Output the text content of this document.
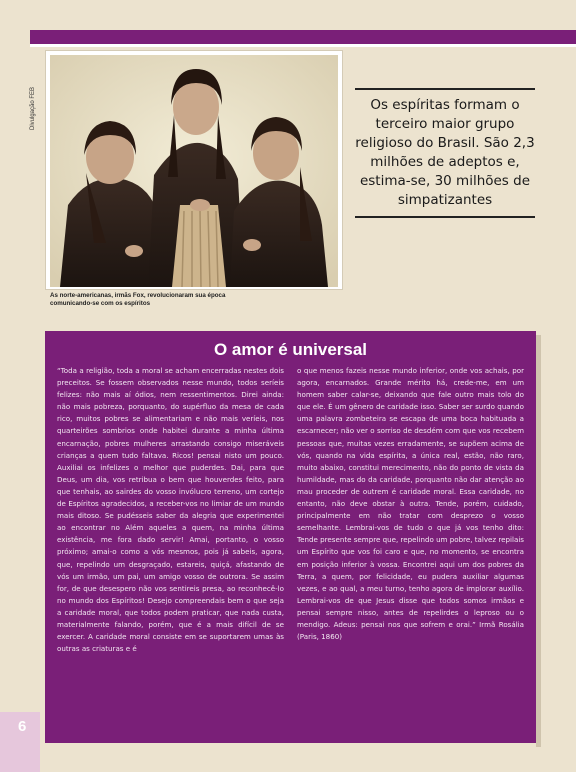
Divulgação FEB
As norte-americanas, irmãs Fox, revolucionaram sua época comunicando-se com os espíritos
Os espíritas formam o terceiro maior grupo religioso do Brasil. São 2,3 milhões de adeptos e, estima-se, 30 milhões de simpatizantes
O amor é universal
“Toda a religião, toda a moral se acham encerradas nestes dois preceitos. Se fossem observados nesse mundo, todos seríeis felizes: não mais aí ódios, nem ressentimentos. Direi ainda: não mais pobreza, porquanto, do supérfluo da mesa de cada rico, muitos pobres se alimentariam e não mais veríeis, nos quarteirões sombrios onde habitei durante a minha última encarnação, pobres mulheres arrastando consigo miseráveis crianças a quem tudo faltava. Ricos! pensai nisto um pouco. Auxiliai os infelizes o melhor que puderdes. Dai, para que Deus, um dia, vos retribua o bem que houverdes feito, para que tenhais, ao sairdes do vosso invólucro terreno, um cortejo de Espíritos agradecidos, a receber-vos no limiar de um mundo mais ditoso. Se pudésseis saber da alegria que experimentei ao encontrar no Além aqueles a quem, na minha última existência, me fora dado servir! Amai, portanto, o vosso próximo; amai-o como a vós mesmos, pois já sabeis, agora, que, repelindo um desgraçado, estareis, quiçá, afastando de vós um irmão, um pai, um amigo vosso de outrora. Se assim for, de que desespero não vos sentireis presa, ao reconhecê-lo no mundo dos Espíritos! Desejo compreendais bem o que seja a caridade moral, que todos podem praticar, que nada custa, materialmente falando, porém, que é a mais difícil de se exercer. A caridade moral consiste em se suportarem umas às outras as criaturas e é
o que menos fazeis nesse mundo inferior, onde vos achais, por agora, encarnados. Grande mérito há, crede-me, em um homem saber calar-se, deixando que fale outro mais tolo do que ele. É um gênero de caridade isso. Saber ser surdo quando uma palavra zombeteira se escapa de uma boca habituada a escarnecer; não ver o sorriso de desdém com que vos recebem pessoas que, muitas vezes erradamente, se supõem acima de vós, quando na vida espírita, a única real, estão, não raro, muito abaixo, constitui merecimento, não do ponto de vista da humildade, mas do da caridade, porquanto não dar atenção ao mau proceder de outrem é caridade moral. Essa caridade, no entanto, não deve obstar à outra. Tende, porém, cuidado, principalmente em não tratar com desprezo o vosso semelhante. Lembrai-vos de tudo o que já vos tenho dito: Tende presente sempre que, repelindo um pobre, talvez repilais um Espírito que vos foi caro e que, no momento, se encontra em posição inferior à vossa. Encontrei aqui um dos pobres da Terra, a quem, por felicidade, eu pudera auxiliar algumas vezes, e ao qual, a meu turno, tenho agora de implorar auxílio. Lembrai-vos de que Jesus disse que todos somos irmãos e pensai sempre nisso, antes de repelirdes o leproso ou o mendigo. Adeus: pensai nos que sofrem e orai.” Irmã Rosália (Paris, 1860)
6
